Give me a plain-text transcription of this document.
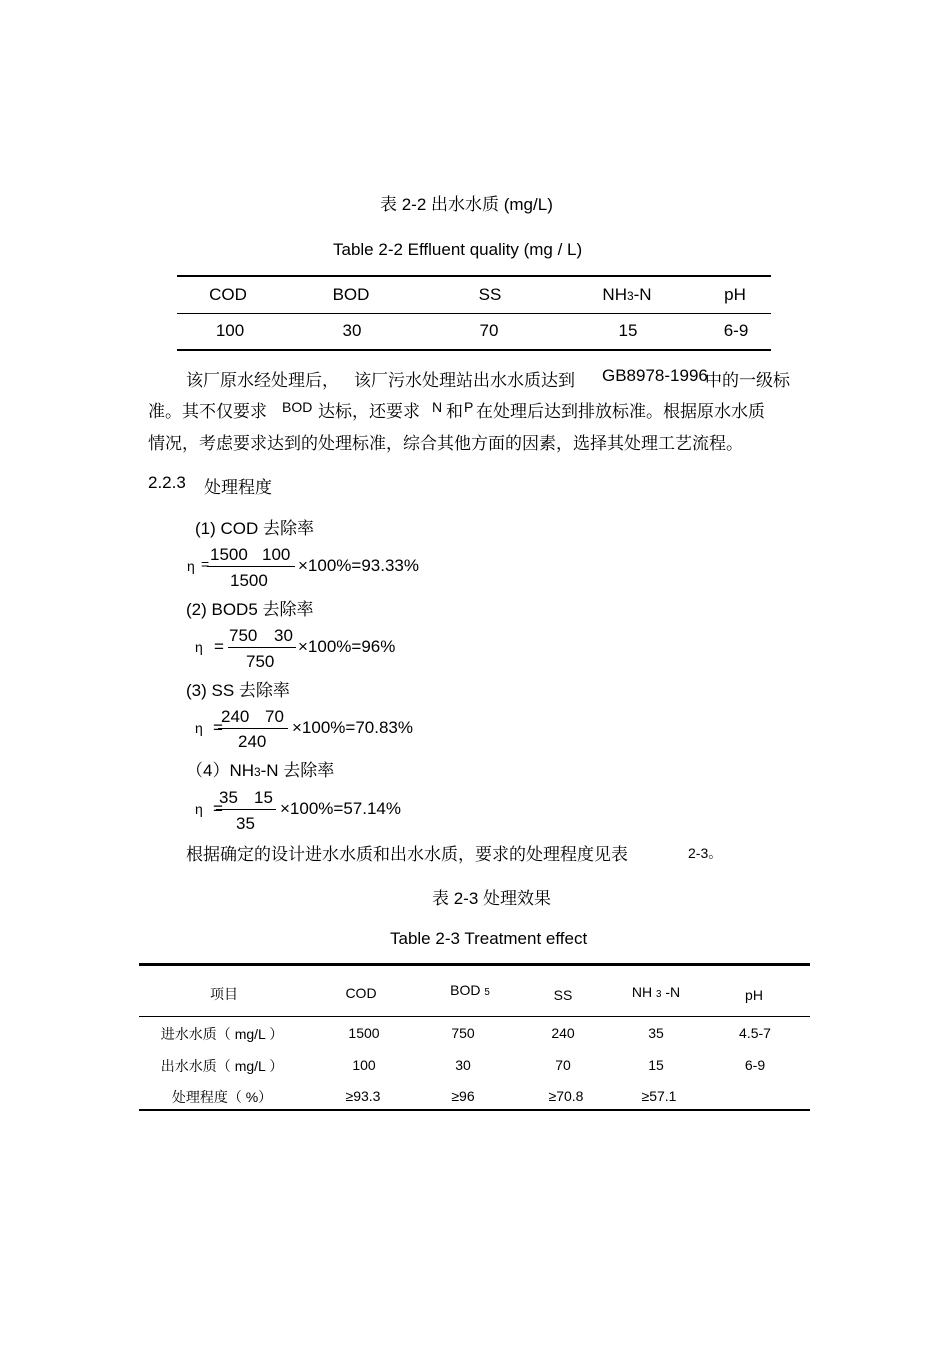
表 2-2 出水水质 (mg/L)
Table 2-2 Effluent quality (mg / L)
COD	BOD	SS	NH3-N	pH
100	30	70	15	6-9
该厂原水经处理后， 该厂污水处理站出水水质达到 GB8978-1996
中的一级标
准。其不仅要求 BOD 达标，还要求 N 和 P 在处理后达到排放标准。根据原水水质
情况，考虑要求达到的处理标准，综合其他方面的因素，选择其处理工艺流程。
2.2.3 处理程度
(1) COD 去除率
η = 1500 100
1500
×100%=93.33%
(2) BOD5 去除率
η =
750 30
750
×100%=96%
(3) SS 去除率
η =
240 70
240
×100%=70.83%
（4）NH3-N 去除率
η =
35 15
35
×100%=57.14%
根据确定的设计进水水质和出水水质，要求的处理程度见表	2-3。
表 2-3 处理效果
Table 2-3 Treatment effect
项目	COD	BOD 5	SS	NH 3 -N	pH
进水水质（ mg/L ）	1500	750	240	35	4.5-7
出水水质（ mg/L ）	100	30	70	15	6-9
处理程度（ %）	≥93.3	≥96	≥70.8	≥57.1
